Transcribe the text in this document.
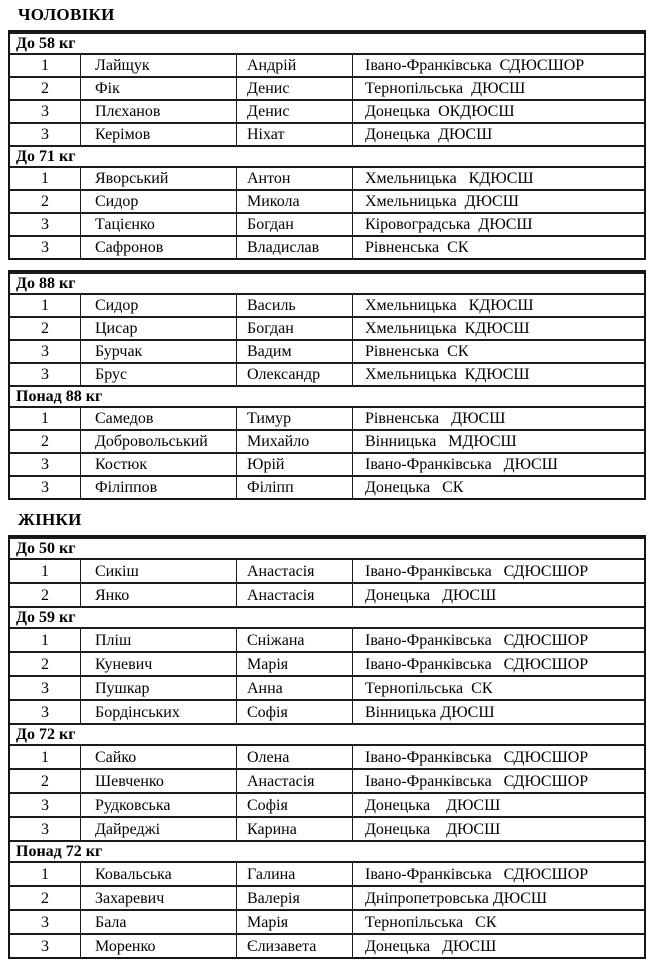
ЧОЛОВІКИ
До 58 кг			
1	Лайщук	Андрій	Івано-Франківська  СДЮСШОР
2	Фік	Денис	Тернопільська  ДЮСШ
3	Плєханов	Денис	Донецька  ОКДЮСШ
3	Керімов	Ніхат	Донецька  ДЮСШ
До 71 кг			
1	Яворський	Антон	Хмельницька   КДЮСШ
2	Сидор	Микола	Хмельницька  ДЮСШ
3	Тацієнко	Богдан	Кіровоградська  ДЮСШ
3	Сафронов	Владислав	Рівненська  СК
До 88 кг			
1	Сидор	Василь	Хмельницька   КДЮСШ
2	Цисар	Богдан	Хмельницька  КДЮСШ
3	Бурчак	Вадим	Рівненська  СК
3	Брус	Олександр	Хмельницька  КДЮСШ
Понад 88 кг			
1	Самедов	Тимур	Рівненська   ДЮСШ
2	Добровольський	Михайло	Вінницька   МДЮСШ
3	Костюк	Юрій	Івано-Франківська   ДЮСШ
3	Філіппов	Філіпп	Донецька   СК
ЖІНКИ
До 50 кг			
1	Сикіш	Анастасія	Івано-Франківська   СДЮСШОР
2	Янко	Анастасія	Донецька   ДЮСШ
До 59 кг			
1	Пліш	Сніжана	Івано-Франківська   СДЮСШОР
2	Куневич	Марія	Івано-Франківська   СДЮСШОР
3	Пушкар	Анна	Тернопільська  СК
3	Бордінських	Софія	Вінницька ДЮСШ
До 72 кг			
1	Сайко	Олена	Івано-Франківська   СДЮСШОР
2	Шевченко	Анастасія	Івано-Франківська   СДЮСШОР
3	Рудковська	Софія	Донецька    ДЮСШ
3	Дайреджі	Карина	Донецька    ДЮСШ
Понад 72 кг			
1	Ковальська	Галина	Івано-Франківська   СДЮСШОР
2	Захаревич	Валерія	Дніпропетровська ДЮСШ
3	Бала	Марія	Тернопільська   СК
3	Моренко	Єлизавета	Донецька   ДЮСШ
